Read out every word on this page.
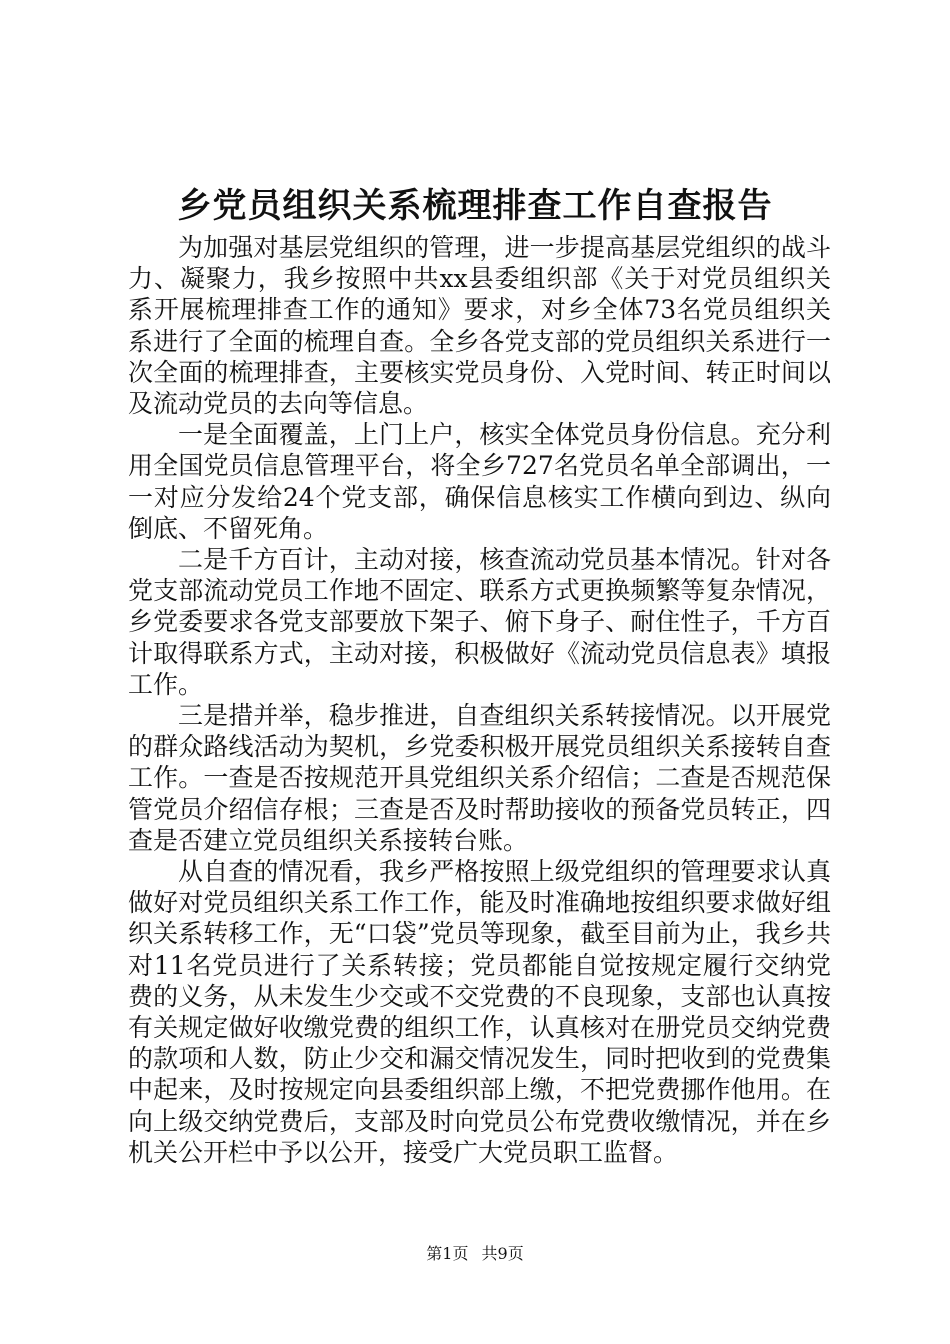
乡党员组织关系梳理排查工作自查报告

为加强对基层党组织的管理，进一步提高基层党组织的战斗力、凝聚力，我乡按照中共xx县委组织部《关于对党员组织关系开展梳理排查工作的通知》要求，对乡全体73名党员组织关系进行了全面的梳理自查。全乡各党支部的党员组织关系进行一次全面的梳理排查，主要核实党员身份、入党时间、转正时间以及流动党员的去向等信息。

一是全面覆盖，上门上户，核实全体党员身份信息。充分利用全国党员信息管理平台，将全乡727名党员名单全部调出，一一对应分发给24个党支部，确保信息核实工作横向到边、纵向倒底、不留死角。

二是千方百计，主动对接，核查流动党员基本情况。针对各党支部流动党员工作地不固定、联系方式更换频繁等复杂情况，乡党委要求各党支部要放下架子、俯下身子、耐住性子，千方百计取得联系方式，主动对接，积极做好《流动党员信息表》填报工作。

三是措并举，稳步推进，自查组织关系转接情况。以开展党的群众路线活动为契机，乡党委积极开展党员组织关系接转自查工作。一查是否按规范开具党组织关系介绍信；二查是否规范保管党员介绍信存根；三查是否及时帮助接收的预备党员转正，四查是否建立党员组织关系接转台账。

从自查的情况看，我乡严格按照上级党组织的管理要求认真做好对党员组织关系工作工作，能及时准确地按组织要求做好组织关系转移工作，无“口袋”党员等现象，截至目前为止，我乡共对11名党员进行了关系转接；党员都能自觉按规定履行交纳党费的义务，从未发生少交或不交党费的不良现象，支部也认真按有关规定做好收缴党费的组织工作，认真核对在册党员交纳党费的款项和人数，防止少交和漏交情况发生，同时把收到的党费集中起来，及时按规定向县委组织部上缴，不把党费挪作他用。在向上级交纳党费后，支部及时向党员公布党费收缴情况，并在乡机关公开栏中予以公开，接受广大党员职工监督。

第1页 共9页
